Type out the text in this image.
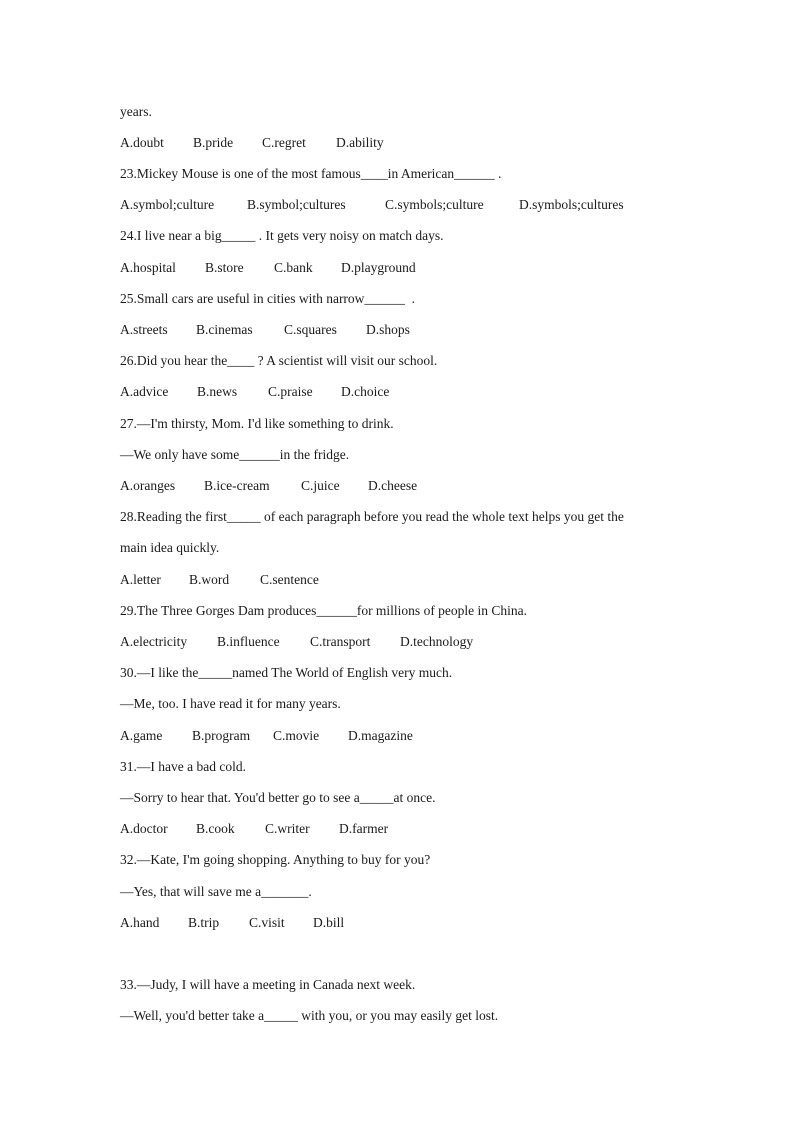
years.

A.doubt

B.pride

C.regret

D.ability

23.Mickey Mouse is one of the most famous____in American______ .

A.symbol;culture

B.symbol;cultures

	C.symbols;culture

	D.symbols;cultures

24.I live near a big_____ . It gets very noisy on match days.

A.hospital

B.store

C.bank

D.playground

25.Small cars are useful in cities with narrow______  .

A.streets

B.cinemas

C.squares

D.shops

26.Did you hear the____ ? A scientist will visit our school.

A.advice

B.news

C.praise

D.choice

27.—I'm thirsty, Mom. I'd like something to drink.
—We only have some______in the fridge.

A.oranges

B.ice-cream

C.juice

D.cheese

28.Reading the first_____ of each paragraph before you read the whole text helps you get the
main idea quickly.

A.letter

B.word

C.sentence

29.The Three Gorges Dam produces______for millions of people in China.

A.electricity

B.influence

C.transport

D.technology

30.—I like the_____named The World of English very much.
—Me, too. I have read it for many years.

A.game

B.program

C.movie

D.magazine

31.—I have a bad cold.
—Sorry to hear that. You'd better go to see a_____at once.

A.doctor

B.cook

C.writer

D.farmer

32.—Kate, I'm going shopping. Anything to buy for you?
—Yes, that will save me a_______.

A.hand

B.trip

C.visit

D.bill

33.—Judy, I will have a meeting in Canada next week.
—Well, you'd better take a_____ with you, or you may easily get lost.
